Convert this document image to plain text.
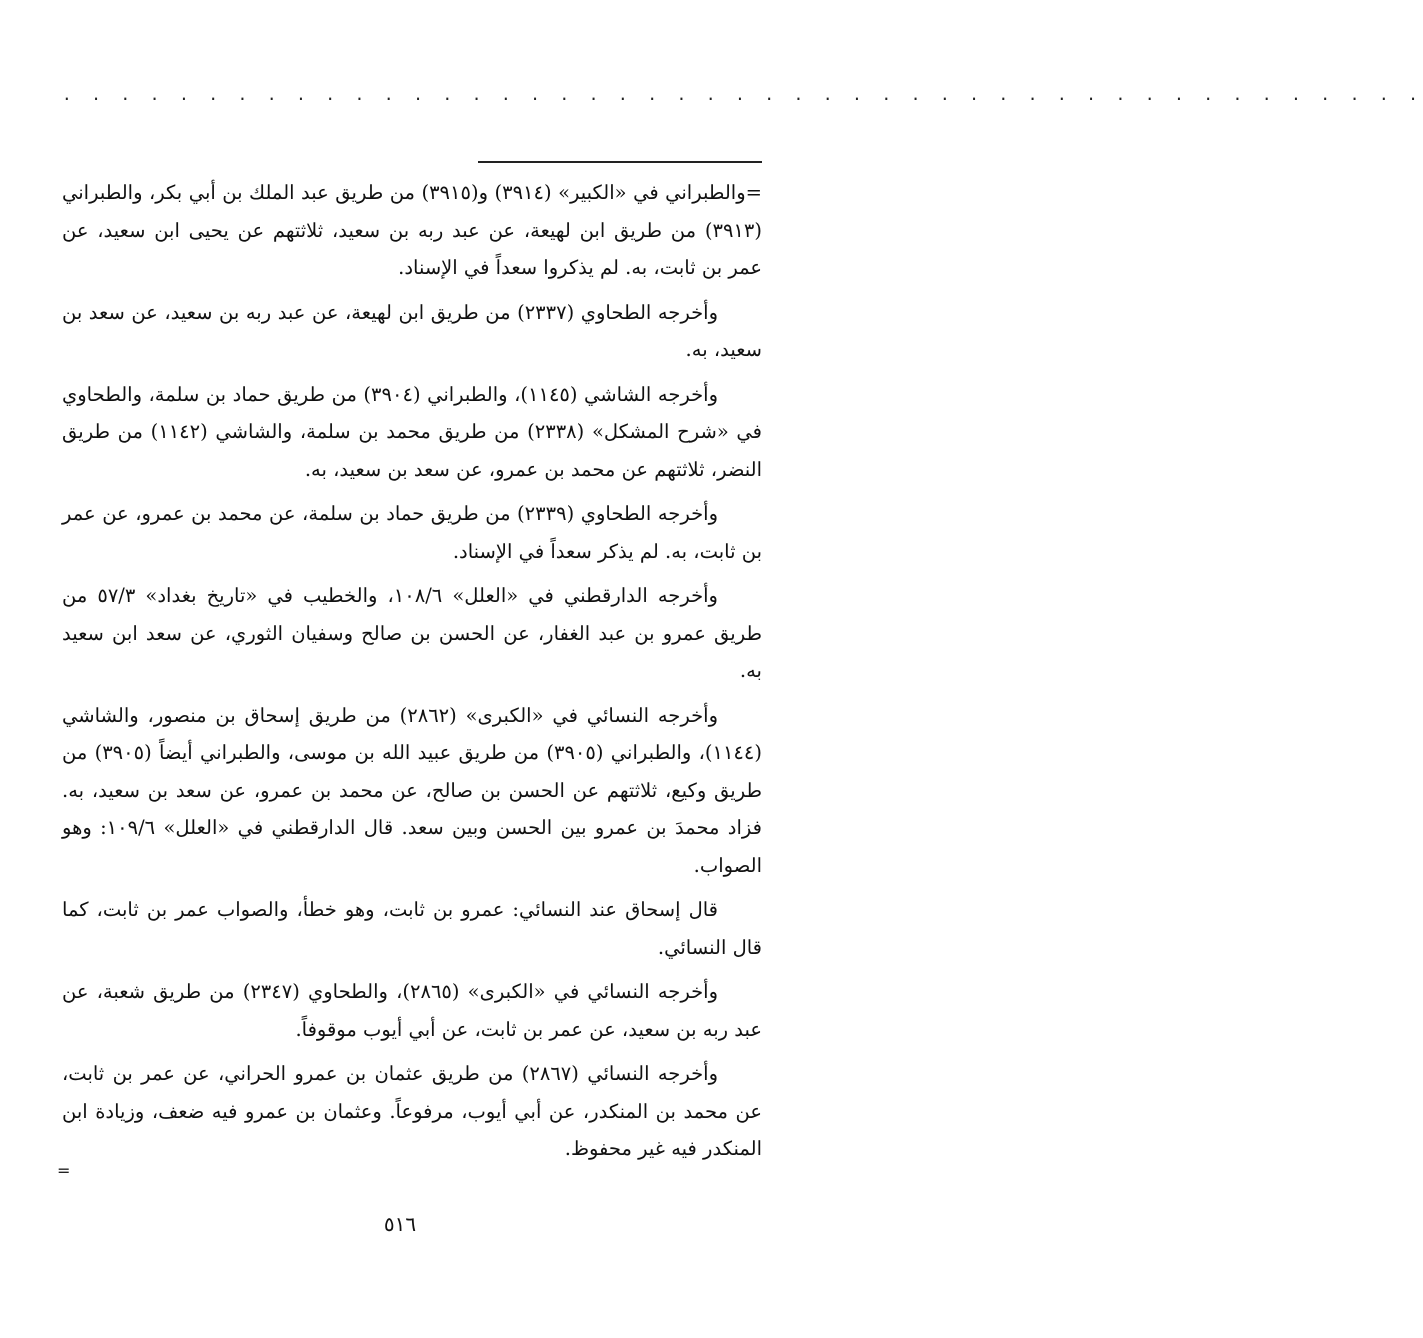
. . . . . . . . . . . . . . . . . . . . . . . . . . . . . . . . . . . . . . . . . . . . . . .

=والطبراني في «الكبير» (٣٩١٤) و(٣٩١٥) من طريق عبد الملك بن أبي بكر، والطبراني (٣٩١٣) من طريق ابن لهيعة، عن عبد ربه بن سعيد، ثلاثتهم عن يحيى ابن سعيد، عن عمر بن ثابت، به. لم يذكروا سعداً في الإسناد.

وأخرجه الطحاوي (٢٣٣٧) من طريق ابن لهيعة، عن عبد ربه بن سعيد، عن سعد بن سعيد، به.

وأخرجه الشاشي (١١٤٥)، والطبراني (٣٩٠٤) من طريق حماد بن سلمة، والطحاوي في «شرح المشكل» (٢٣٣٨) من طريق محمد بن سلمة، والشاشي (١١٤٢) من طريق النضر، ثلاثتهم عن محمد بن عمرو، عن سعد بن سعيد، به.

وأخرجه الطحاوي (٢٣٣٩) من طريق حماد بن سلمة، عن محمد بن عمرو، عن عمر بن ثابت، به. لم يذكر سعداً في الإسناد.

وأخرجه الدارقطني في «العلل» ١٠٨/٦، والخطيب في «تاريخ بغداد» ٥٧/٣ من طريق عمرو بن عبد الغفار، عن الحسن بن صالح وسفيان الثوري، عن سعد ابن سعيد به.

وأخرجه النسائي في «الكبرى» (٢٨٦٢) من طريق إسحاق بن منصور، والشاشي (١١٤٤)، والطبراني (٣٩٠٥) من طريق عبيد الله بن موسى، والطبراني أيضاً (٣٩٠٥) من طريق وكيع، ثلاثتهم عن الحسن بن صالح، عن محمد بن عمرو، عن سعد بن سعيد، به. فزاد محمدَ بن عمرو بين الحسن وبين سعد. قال الدارقطني في «العلل» ١٠٩/٦: وهو الصواب.

قال إسحاق عند النسائي: عمرو بن ثابت، وهو خطأ، والصواب عمر بن ثابت، كما قال النسائي.

وأخرجه النسائي في «الكبرى» (٢٨٦٥)، والطحاوي (٢٣٤٧) من طريق شعبة، عن عبد ربه بن سعيد، عن عمر بن ثابت، عن أبي أيوب موقوفاً.

وأخرجه النسائي (٢٨٦٧) من طريق عثمان بن عمرو الحراني، عن عمر بن ثابت، عن محمد بن المنكدر، عن أبي أيوب، مرفوعاً. وعثمان بن عمرو فيه ضعف، وزيادة ابن المنكدر فيه غير محفوظ.

=
٥١٦
